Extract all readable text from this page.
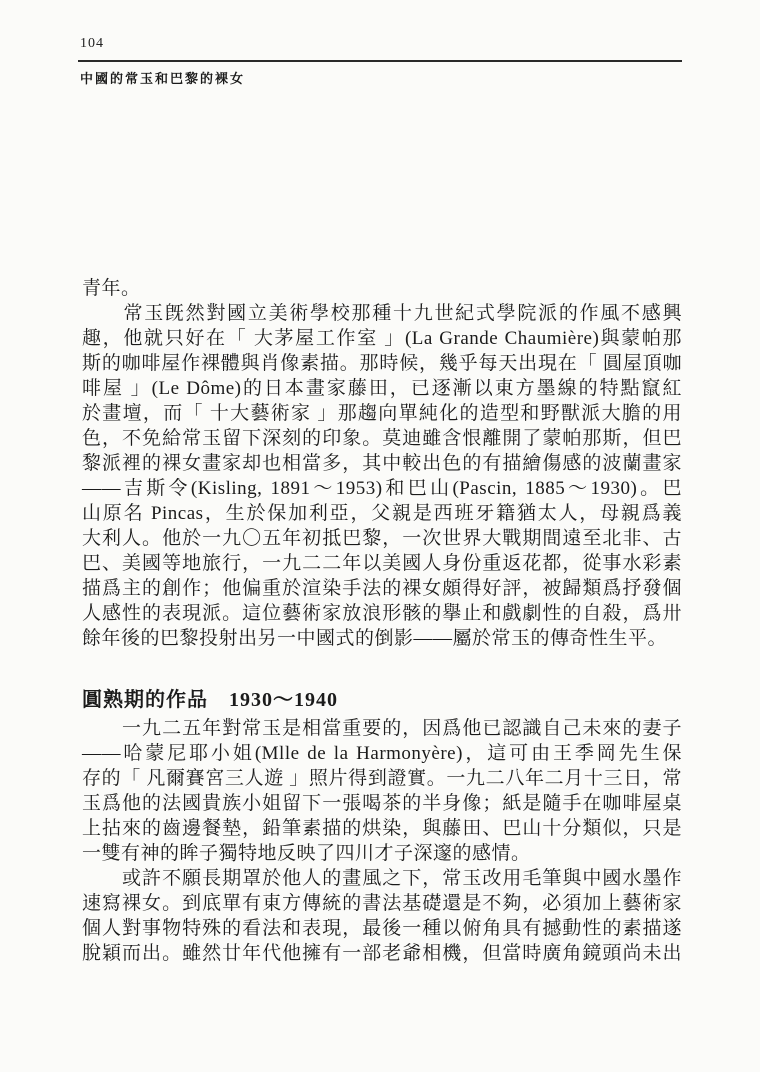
104
中國的常玉和巴黎的裸女
青年。
　　常玉旣然對國立美術學校那種十九世紀式學院派的作風不感興
趣，他就只好在「 大茅屋工作室 」(La Grande Chaumière)與蒙帕那
斯的咖啡屋作裸體與肖像素描。那時候，幾乎每天出現在「 圓屋頂咖
啡屋 」(Le Dôme)的日本畫家藤田，已逐漸以東方墨線的特點竄紅
於畫壇，而「 十大藝術家 」那趨向單純化的造型和野獸派大膽的用
色，不免給常玉留下深刻的印象。莫迪雖含恨離開了蒙帕那斯，但巴
黎派裡的裸女畫家却也相當多，其中較出色的有描繪傷感的波蘭畫家
——吉斯令(Kisling, 1891～1953)和巴山(Pascin, 1885～1930)。巴
山原名 Pincas，生於保加利亞，父親是西班牙籍猶太人，母親爲義
大利人。他於一九〇五年初抵巴黎，一次世界大戰期間遠至北非、古
巴、美國等地旅行，一九二二年以美國人身份重返花都，從事水彩素
描爲主的創作；他偏重於渲染手法的裸女頗得好評，被歸類爲抒發個
人感性的表現派。這位藝術家放浪形骸的擧止和戲劇性的自殺，爲卅
餘年後的巴黎投射出另一中國式的倒影——屬於常玉的傳奇性生平。
圓熟期的作品　1930～1940
　　一九二五年對常玉是相當重要的，因爲他已認識自己未來的妻子
——哈蒙尼耶小姐(Mlle de la Harmonyère)，這可由王季岡先生保
存的「 凡爾賽宮三人遊 」照片得到證實。一九二八年二月十三日，常
玉爲他的法國貴族小姐留下一張喝茶的半身像；紙是隨手在咖啡屋桌
上拈來的齒邊餐墊，鉛筆素描的烘染，與藤田、巴山十分類似，只是
一雙有神的眸子獨特地反映了四川才子深邃的感情。
　　或許不願長期罩於他人的畫風之下，常玉改用毛筆與中國水墨作
速寫裸女。到底單有東方傳統的書法基礎還是不夠，必須加上藝術家
個人對事物特殊的看法和表現，最後一種以俯角具有撼動性的素描遂
脫穎而出。雖然廿年代他擁有一部老爺相機，但當時廣角鏡頭尚未出
